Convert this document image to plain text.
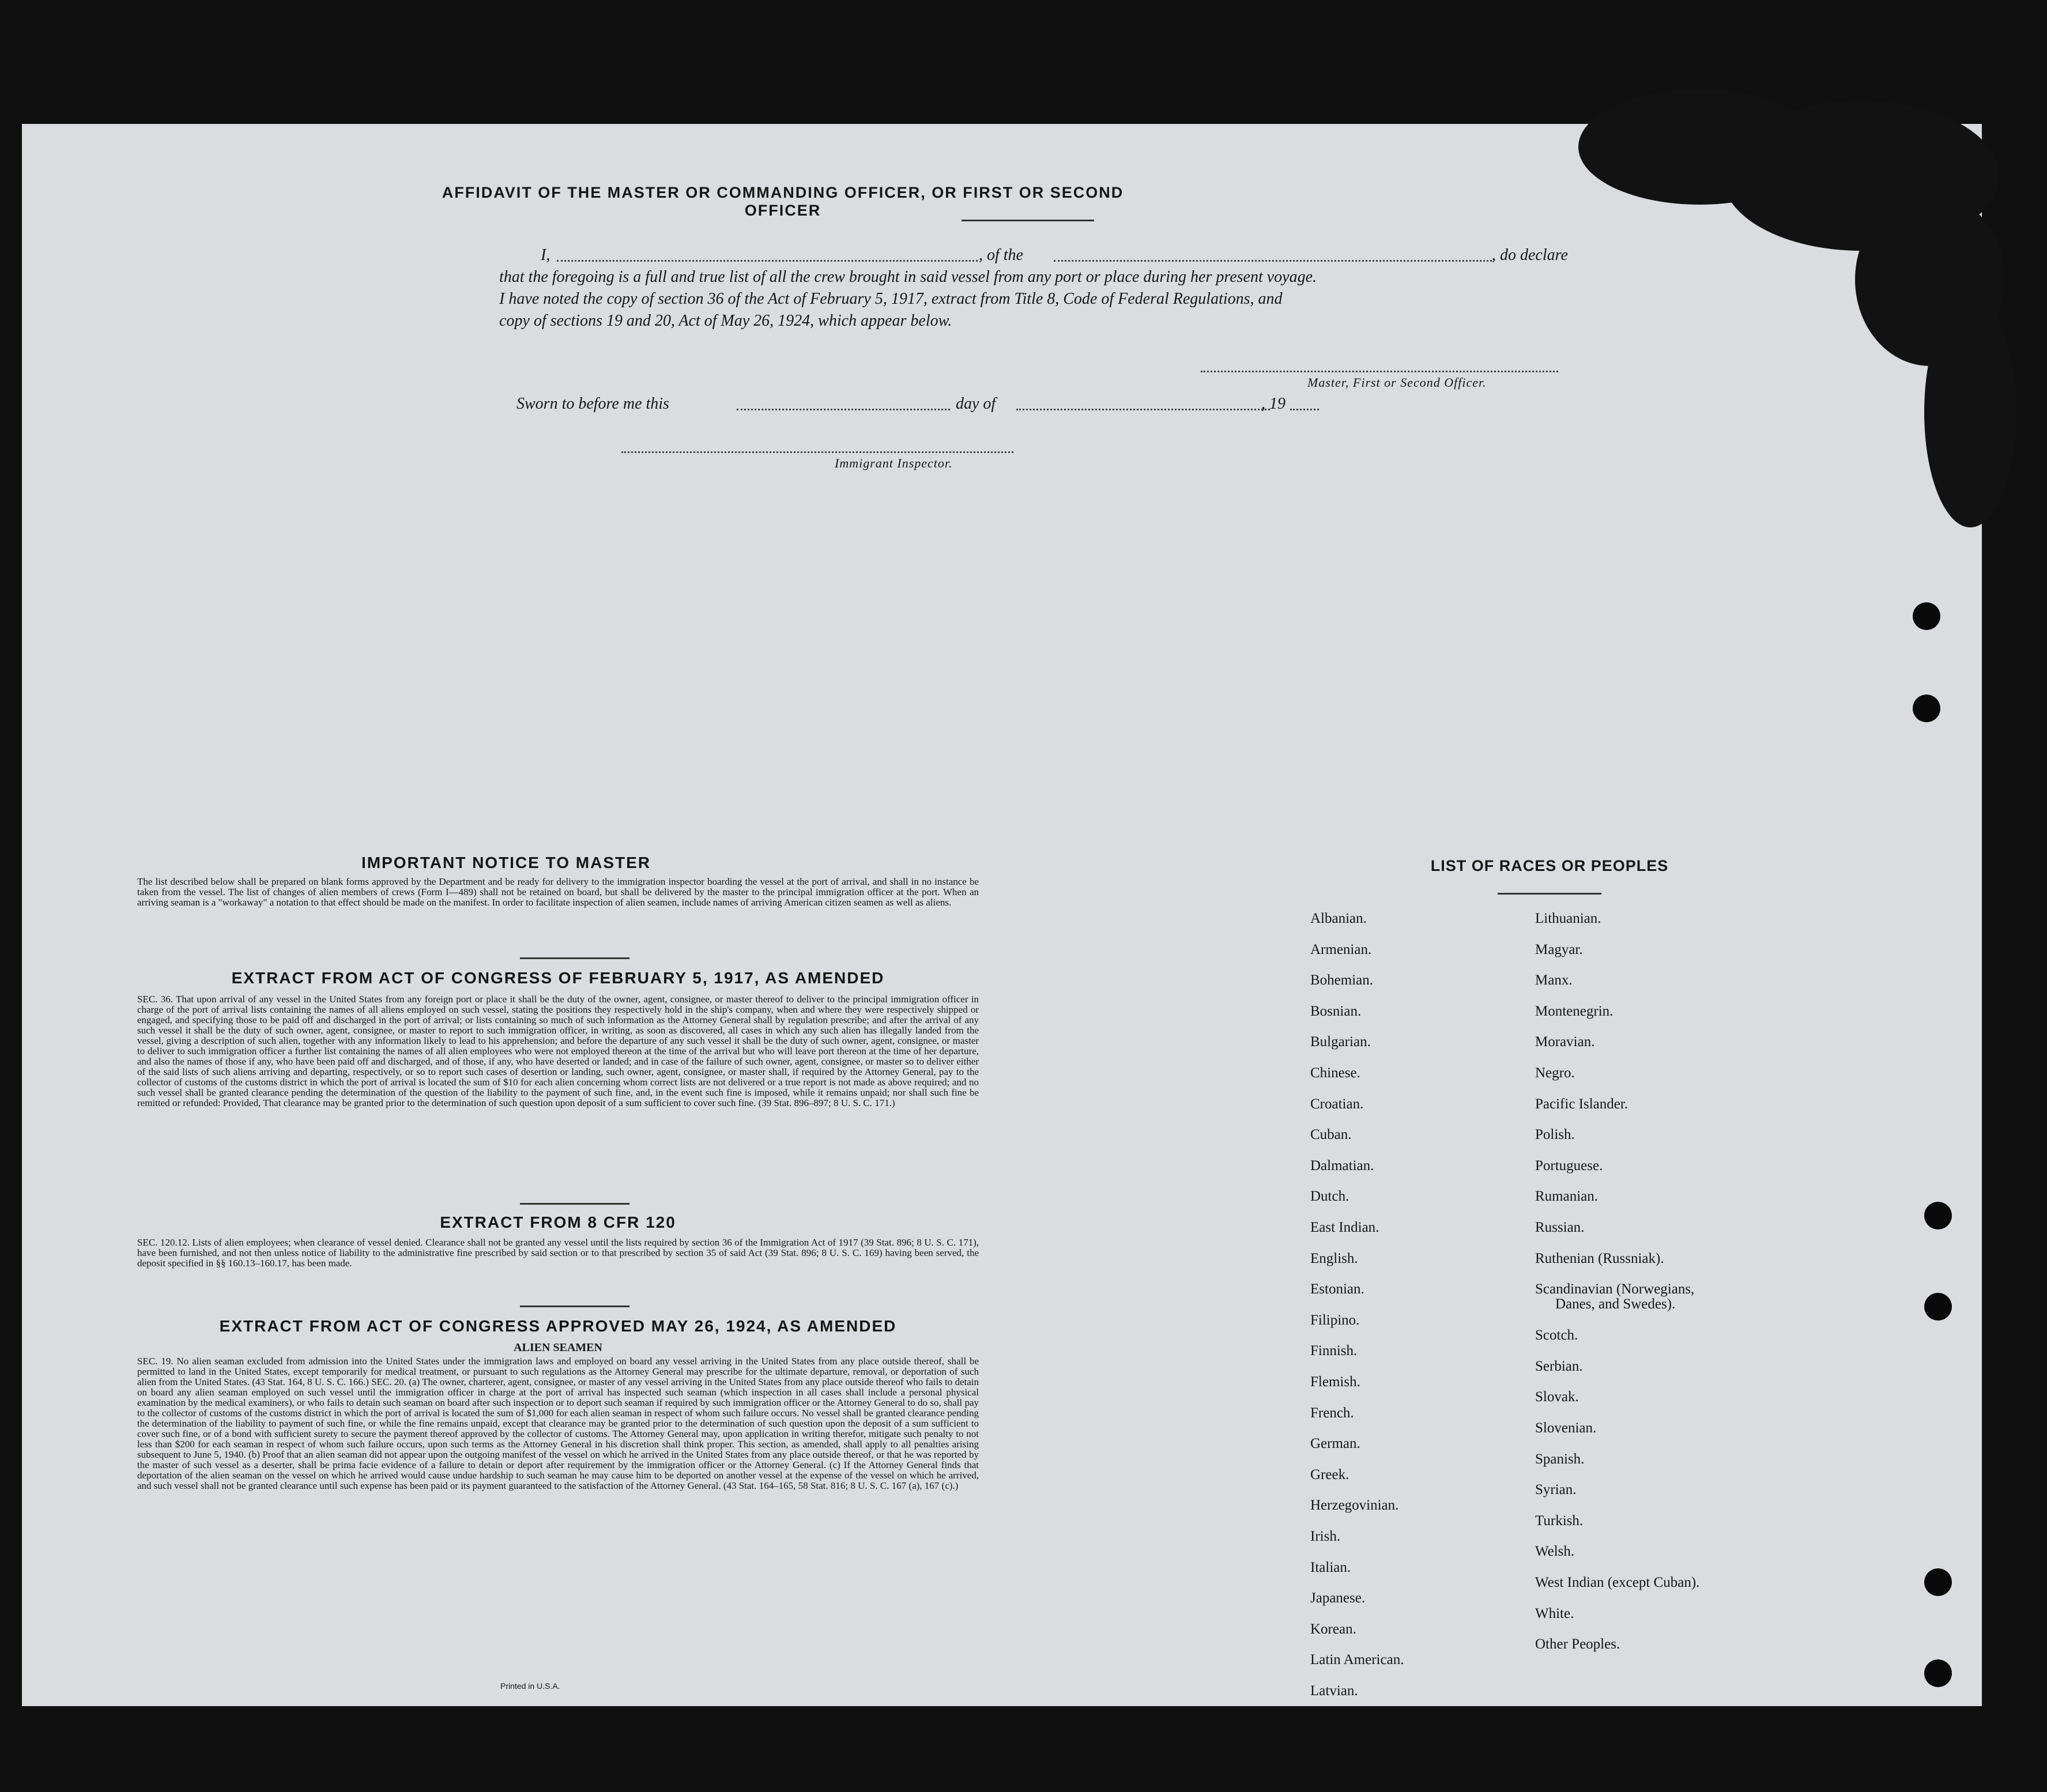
AFFIDAVIT OF THE MASTER OR COMMANDING OFFICER, OR FIRST OR SECOND OFFICER
I,	, of the	, do declare
that the foregoing is a full and true list of all the crew brought in said vessel from any port or place during her present voyage.
I have noted the copy of section 36 of the Act of February 5, 1917, extract from Title 8, Code of Federal Regulations, and
copy of sections 19 and 20, Act of May 26, 1924, which appear below.
Master, First or Second Officer.
Sworn to before me this	day of	, 19
Immigrant Inspector.
IMPORTANT NOTICE TO MASTER
The list described below shall be prepared on blank forms approved by the Department and be ready for delivery to the immigration inspector boarding the vessel at the port of arrival, and shall in no instance be taken from the vessel. The list of changes of alien members of crews (Form I—489) shall not be retained on board, but shall be delivered by the master to the principal immigration officer at the port. When an arriving seaman is a "workaway" a notation to that effect should be made on the manifest. In order to facilitate inspection of alien seamen, include names of arriving American citizen seamen as well as aliens.
EXTRACT FROM ACT OF CONGRESS OF FEBRUARY 5, 1917, AS AMENDED
SEC. 36. That upon arrival of any vessel in the United States from any foreign port or place it shall be the duty of the owner, agent, consignee, or master thereof to deliver to the principal immigration officer in charge of the port of arrival lists containing the names of all aliens employed on such vessel, stating the positions they respectively hold in the ship's company, when and where they were respectively shipped or engaged, and specifying those to be paid off and discharged in the port of arrival; or lists containing so much of such information as the Attorney General shall by regulation prescribe; and after the arrival of any such vessel it shall be the duty of such owner, agent, consignee, or master to report to such immigration officer, in writing, as soon as discovered, all cases in which any such alien has illegally landed from the vessel, giving a description of such alien, together with any information likely to lead to his apprehension; and before the departure of any such vessel it shall be the duty of such owner, agent, consignee, or master to deliver to such immigration officer a further list containing the names of all alien employees who were not employed thereon at the time of the arrival but who will leave port thereon at the time of her departure, and also the names of those if any, who have been paid off and discharged, and of those, if any, who have deserted or landed; and in case of the failure of such owner, agent, consignee, or master so to deliver either of the said lists of such aliens arriving and departing, respectively, or so to report such cases of desertion or landing, such owner, agent, consignee, or master shall, if required by the Attorney General, pay to the collector of customs of the customs district in which the port of arrival is located the sum of $10 for each alien concerning whom correct lists are not delivered or a true report is not made as above required; and no such vessel shall be granted clearance pending the determination of the question of the liability to the payment of such fine, and, in the event such fine is imposed, while it remains unpaid; nor shall such fine be remitted or refunded: Provided, That clearance may be granted prior to the determination of such question upon deposit of a sum sufficient to cover such fine. (39 Stat. 896–897; 8 U. S. C. 171.)
EXTRACT FROM 8 CFR 120
SEC. 120.12. Lists of alien employees; when clearance of vessel denied. Clearance shall not be granted any vessel until the lists required by section 36 of the Immigration Act of 1917 (39 Stat. 896; 8 U. S. C. 171), have been furnished, and not then unless notice of liability to the administrative fine prescribed by said section or to that prescribed by section 35 of said Act (39 Stat. 896; 8 U. S. C. 169) having been served, the deposit specified in §§ 160.13–160.17, has been made.
EXTRACT FROM ACT OF CONGRESS APPROVED MAY 26, 1924, AS AMENDED
ALIEN SEAMEN
SEC. 19. No alien seaman excluded from admission into the United States under the immigration laws and employed on board any vessel arriving in the United States from any place outside thereof, shall be permitted to land in the United States, except temporarily for medical treatment, or pursuant to such regulations as the Attorney General may prescribe for the ultimate departure, removal, or deportation of such alien from the United States. (43 Stat. 164, 8 U. S. C. 166.) SEC. 20. (a) The owner, charterer, agent, consignee, or master of any vessel arriving in the United States from any place outside thereof who fails to detain on board any alien seaman employed on such vessel until the immigration officer in charge at the port of arrival has inspected such seaman (which inspection in all cases shall include a personal physical examination by the medical examiners), or who fails to detain such seaman on board after such inspection or to deport such seaman if required by such immigration officer or the Attorney General to do so, shall pay to the collector of customs of the customs district in which the port of arrival is located the sum of $1,000 for each alien seaman in respect of whom such failure occurs. No vessel shall be granted clearance pending the determination of the liability to payment of such fine, or while the fine remains unpaid, except that clearance may be granted prior to the determination of such question upon the deposit of a sum sufficient to cover such fine, or of a bond with sufficient surety to secure the payment thereof approved by the collector of customs. The Attorney General may, upon application in writing therefor, mitigate such penalty to not less than $200 for each seaman in respect of whom such failure occurs, upon such terms as the Attorney General in his discretion shall think proper. This section, as amended, shall apply to all penalties arising subsequent to June 5, 1940. (b) Proof that an alien seaman did not appear upon the outgoing manifest of the vessel on which he arrived in the United States from any place outside thereof, or that he was reported by the master of such vessel as a deserter, shall be prima facie evidence of a failure to detain or deport after requirement by the immigration officer or the Attorney General. (c) If the Attorney General finds that deportation of the alien seaman on the vessel on which he arrived would cause undue hardship to such seaman he may cause him to be deported on another vessel at the expense of the vessel on which he arrived, and such vessel shall not be granted clearance until such expense has been paid or its payment guaranteed to the satisfaction of the Attorney General. (43 Stat. 164–165, 58 Stat. 816; 8 U. S. C. 167 (a), 167 (c).)
Printed in U.S.A.
LIST OF RACES OR PEOPLES
Albanian.
Armenian.
Bohemian.
Bosnian.
Bulgarian.
Chinese.
Croatian.
Cuban.
Dalmatian.
Dutch.
East Indian.
English.
Estonian.
Filipino.
Finnish.
Flemish.
French.
German.
Greek.
Herzegovinian.
Irish.
Italian.
Japanese.
Korean.
Latin American.
Latvian.
Lithuanian.
Magyar.
Manx.
Montenegrin.
Moravian.
Negro.
Pacific Islander.
Polish.
Portuguese.
Rumanian.
Russian.
Ruthenian (Russniak).
Scandinavian (Norwegians,
Danes, and Swedes).
Scotch.
Serbian.
Slovak.
Slovenian.
Spanish.
Syrian.
Turkish.
Welsh.
West Indian (except Cuban).
White.
Other Peoples.
